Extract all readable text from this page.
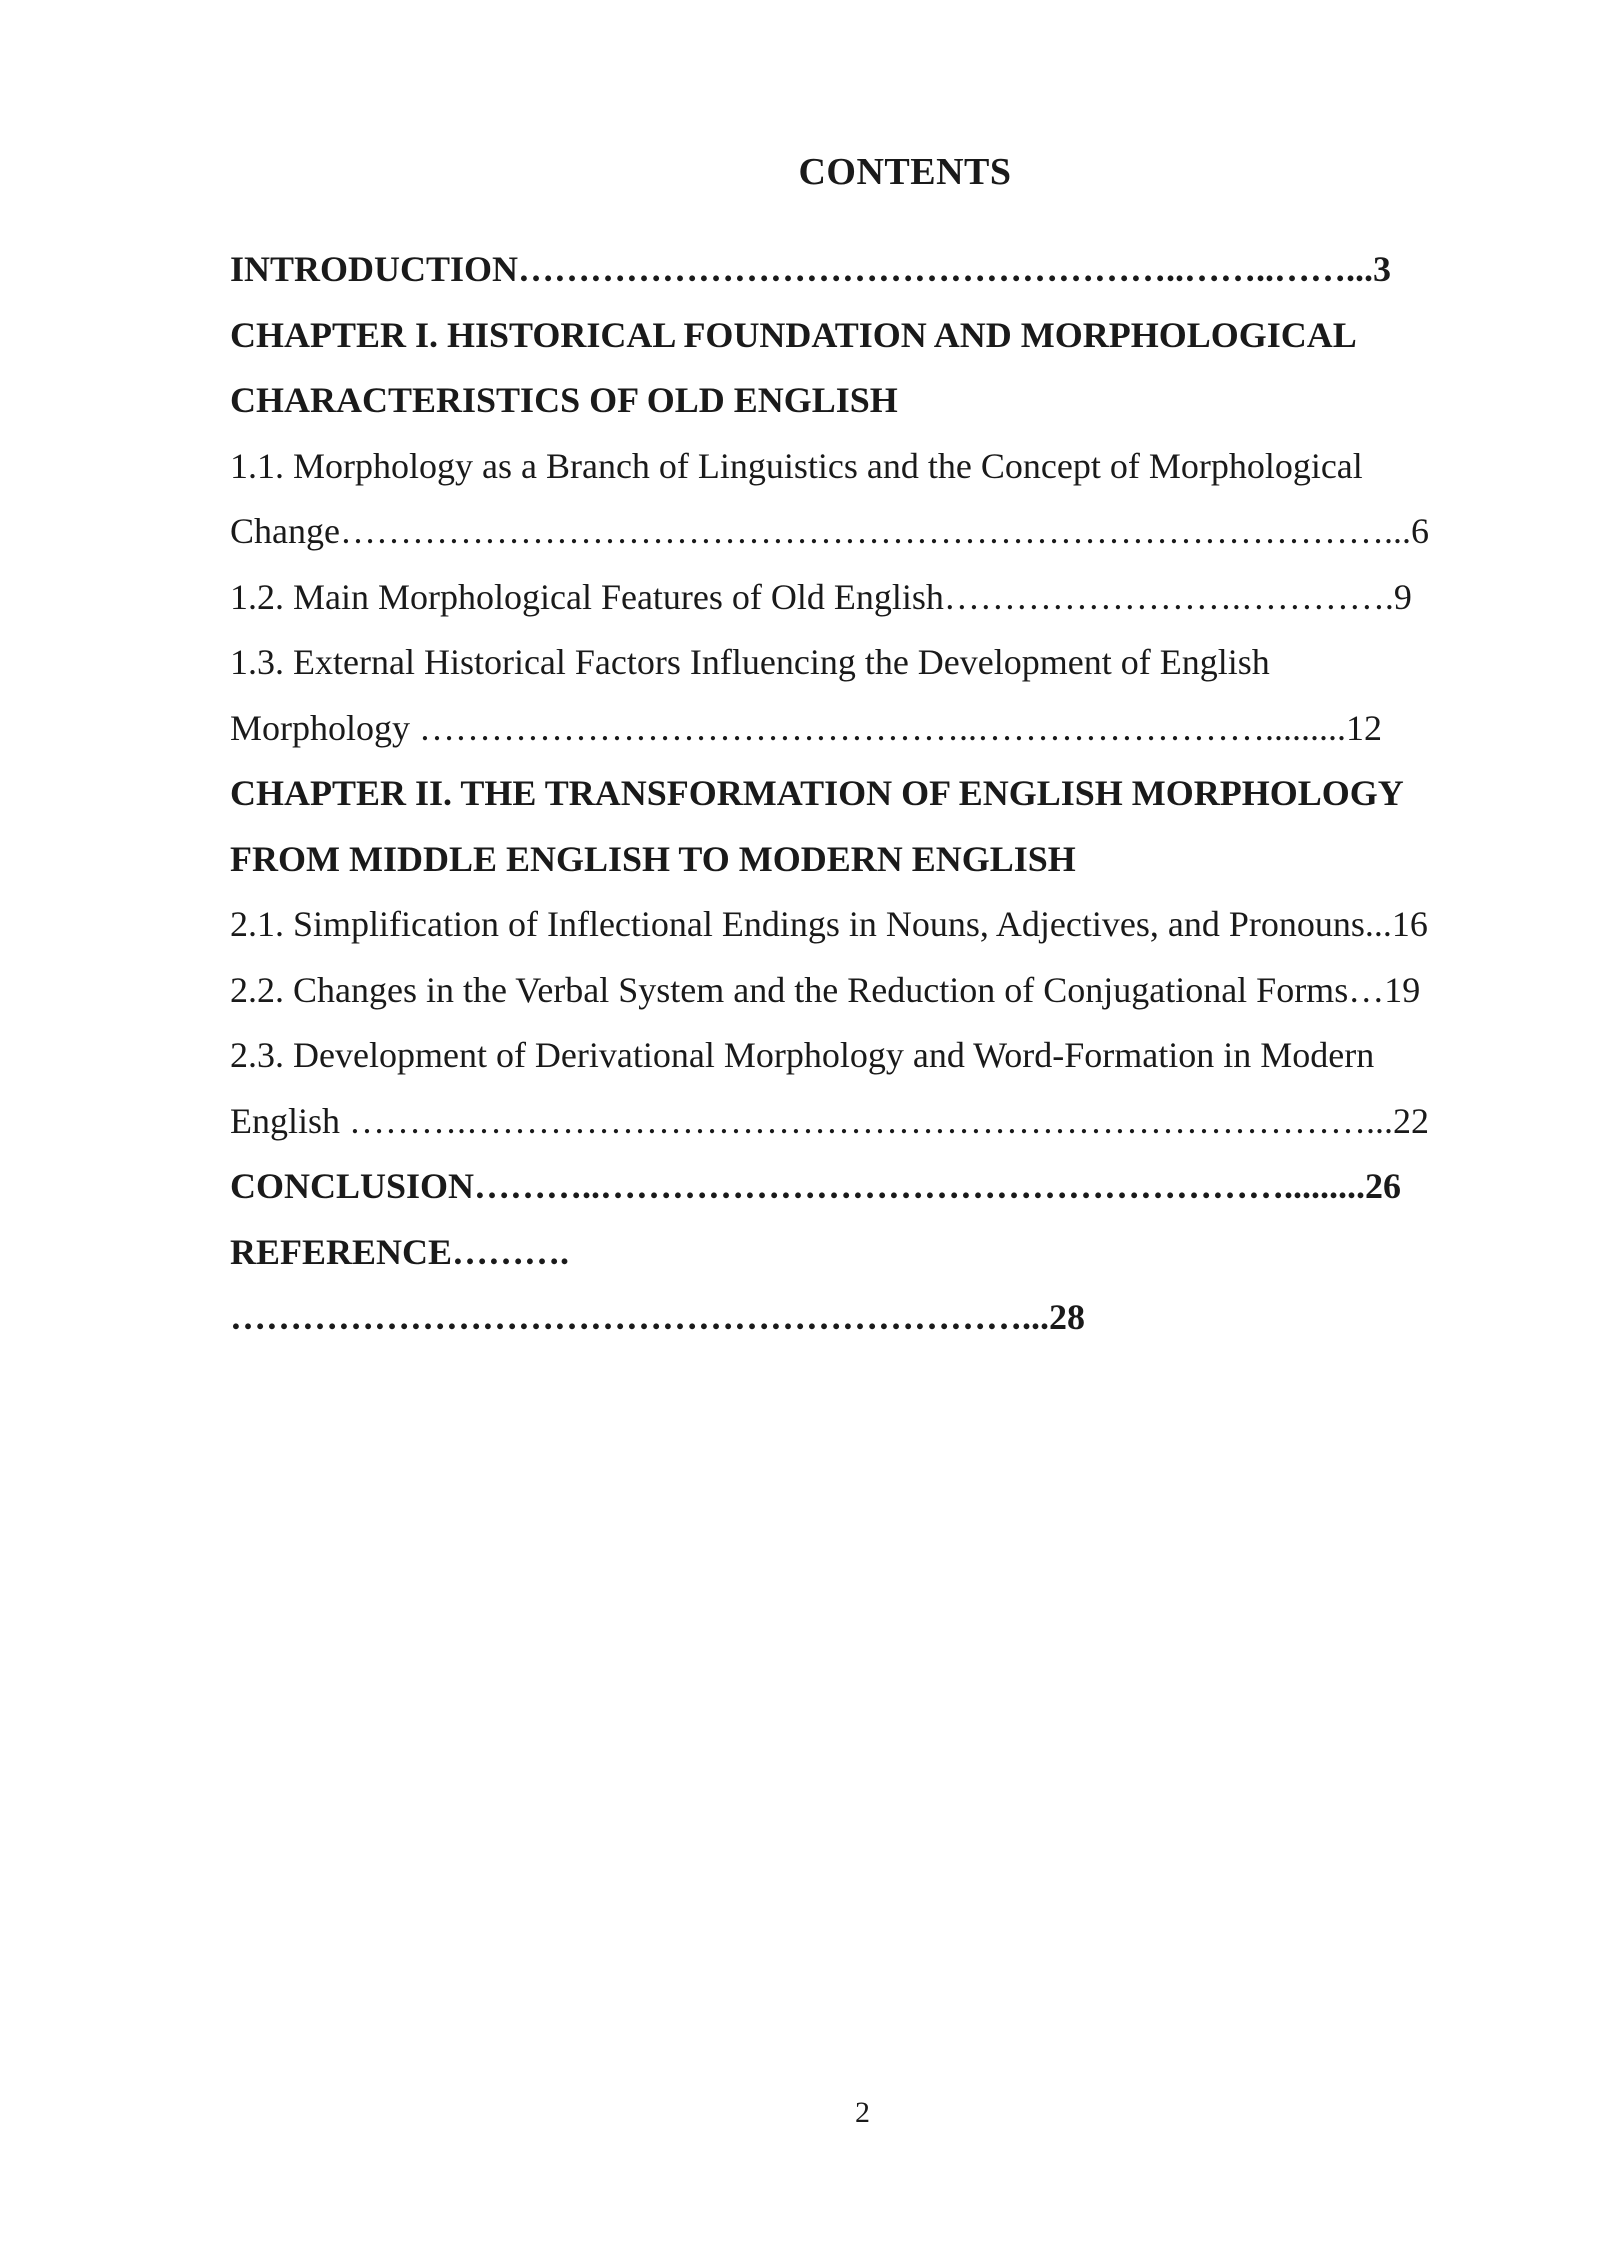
CONTENTS
INTRODUCTION………………………………………………..……..……...3
CHAPTER I. HISTORICAL FOUNDATION AND MORPHOLOGICAL
CHARACTERISTICS OF OLD ENGLISH
1.1. Morphology as a Branch of Linguistics and the Concept of Morphological
Change……………………………………………………………………………...6
1.2. Main Morphological Features of Old English…………………….………….9
1.3. External Historical Factors Influencing the Development of English
Morphology ………………………………………..…………………….........12
CHAPTER II. THE TRANSFORMATION OF ENGLISH MORPHOLOGY
FROM MIDDLE ENGLISH TO MODERN ENGLISH
2.1. Simplification of Inflectional Endings in Nouns, Adjectives, and Pronouns...16
2.2. Changes in the Verbal System and the Reduction of Conjugational Forms…19
2.3. Development of Derivational Morphology and Word-Formation in Modern
English ……….…………………………………………………………………...22
CONCLUSION………..………………………………………………….........26
REFERENCE……….
…………………………………………………………...28
2
